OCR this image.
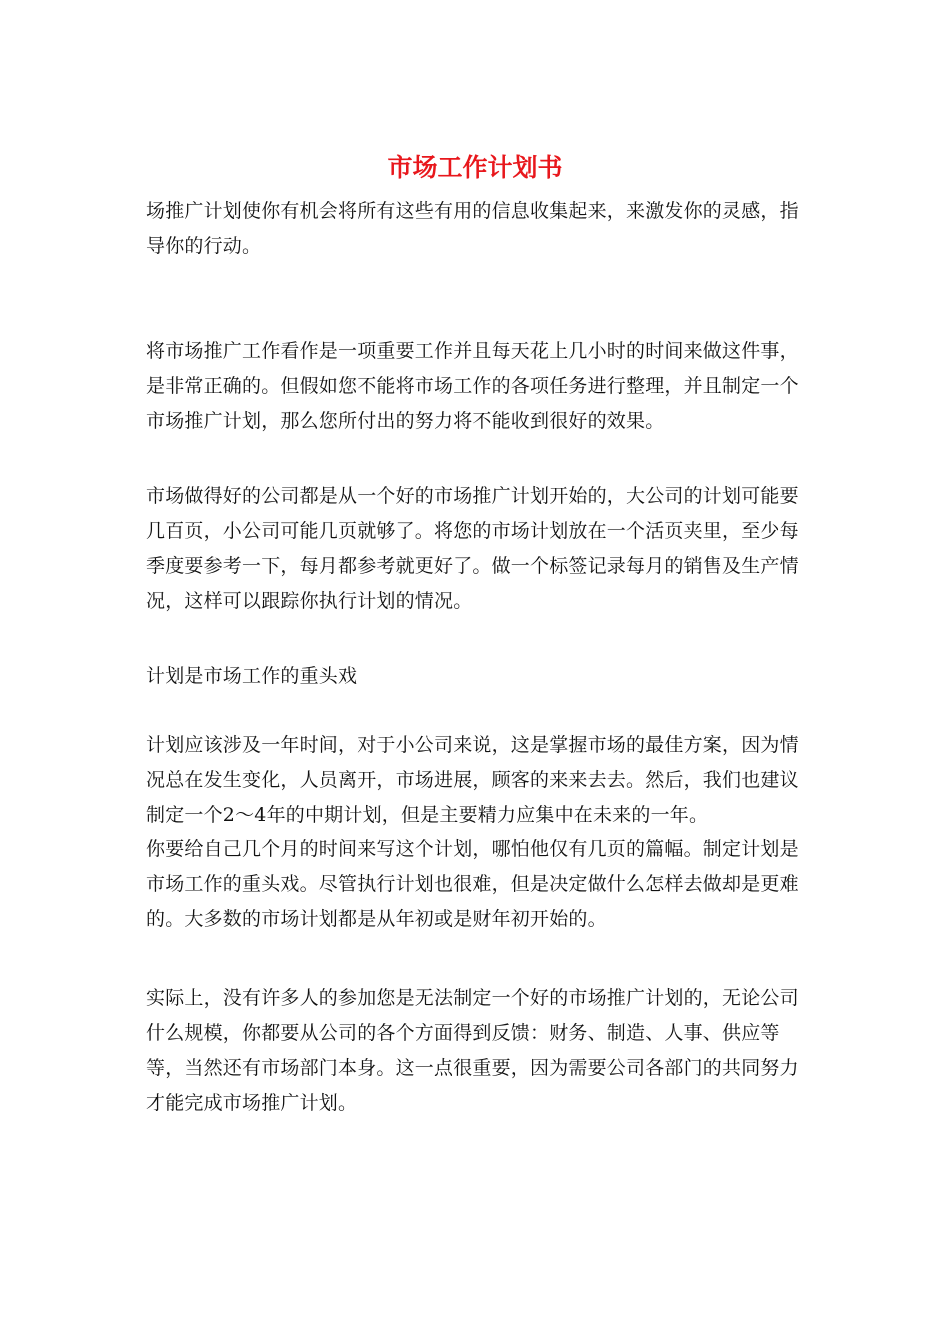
市场工作计划书

场推广计划使你有机会将所有这些有用的信息收集起来，来激发你的灵感，指导你的行动。

将市场推广工作看作是一项重要工作并且每天花上几小时的时间来做这件事，是非常正确的。但假如您不能将市场工作的各项任务进行整理，并且制定一个市场推广计划，那么您所付出的努力将不能收到很好的效果。

市场做得好的公司都是从一个好的市场推广计划开始的，大公司的计划可能要几百页，小公司可能几页就够了。将您的市场计划放在一个活页夹里，至少每季度要参考一下，每月都参考就更好了。做一个标签记录每月的销售及生产情况，这样可以跟踪你执行计划的情况。

计划是市场工作的重头戏

计划应该涉及一年时间，对于小公司来说，这是掌握市场的最佳方案，因为情况总在发生变化，人员离开，市场进展，顾客的来来去去。然后，我们也建议制定一个2～4年的中期计划，但是主要精力应集中在未来的一年。

你要给自己几个月的时间来写这个计划，哪怕他仅有几页的篇幅。制定计划是市场工作的重头戏。尽管执行计划也很难，但是决定做什么怎样去做却是更难的。大多数的市场计划都是从年初或是财年初开始的。

实际上，没有许多人的参加您是无法制定一个好的市场推广计划的，无论公司什么规模，你都要从公司的各个方面得到反馈：财务、制造、人事、供应等等，当然还有市场部门本身。这一点很重要，因为需要公司各部门的共同努力才能完成市场推广计划。
